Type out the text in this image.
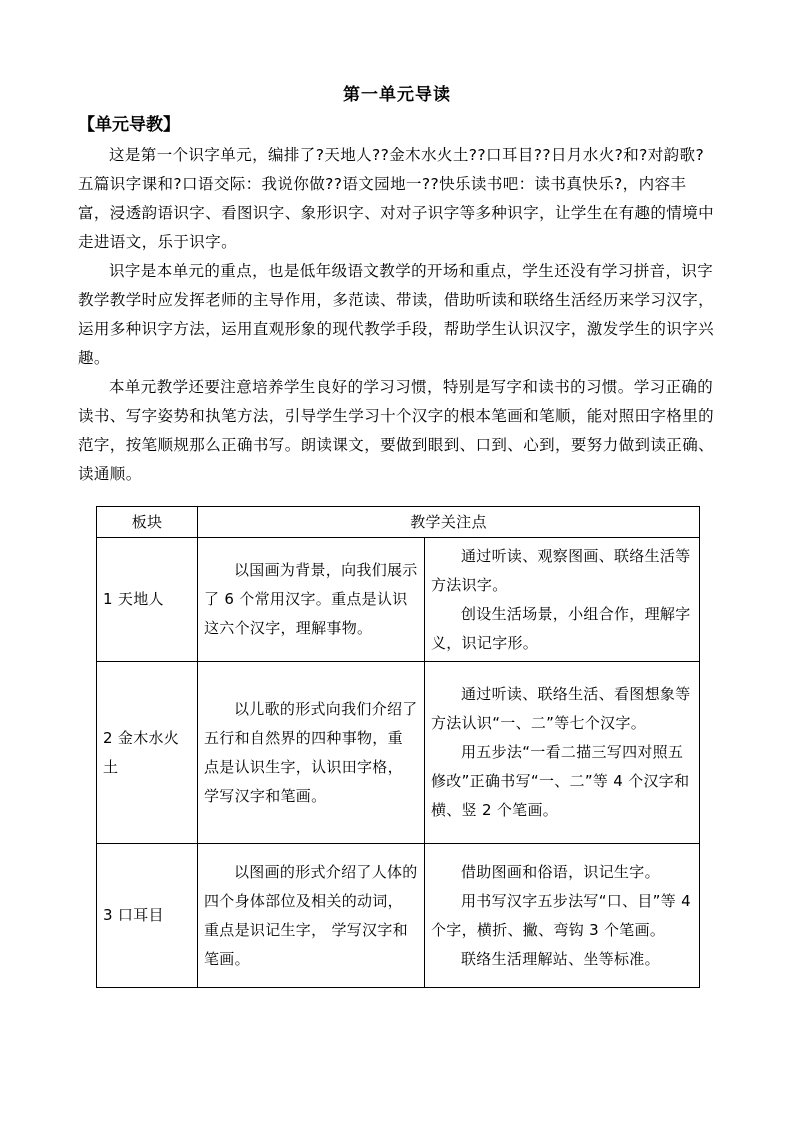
第一单元导读
【单元导教】

这是第一个识字单元，编排了?天地人??金木水火土??口耳目??日月水火?和?对韵歌?五篇识字课和?口语交际：我说你做??语文园地一??快乐读书吧：读书真快乐?，内容丰富，浸透韵语识字、看图识字、象形识字、对对子识字等多种识字，让学生在有趣的情境中走进语文，乐于识字。

识字是本单元的重点，也是低年级语文教学的开场和重点，学生还没有学习拼音，识字教学教学时应发挥老师的主导作用，多范读、带读，借助听读和联络生活经历来学习汉字，运用多种识字方法，运用直观形象的现代教学手段，帮助学生认识汉字，激发学生的识字兴趣。

本单元教学还要注意培养学生良好的学习习惯，特别是写字和读书的习惯。学习正确的读书、写字姿势和执笔方法，引导学生学习十个汉字的根本笔画和笔顺，能对照田字格里的范字，按笔顺规那么正确书写。朗读课文，要做到眼到、口到、心到，要努力做到读正确、读通顺。

板块	教学关注点	
1 天地人	以国画为背景，向我们展示了 6 个常用汉字。重点是认识这六个汉字，理解事物。	通过听读、观察图画、联络生活等方法识字。

创设生活场景，小组合作，理解字义，识记字形。

2 金木水火土	以儿歌的形式向我们介绍了五行和自然界的四种事物，重点是认识生字，认识田字格，学写汉字和笔画。	通过听读、联络生活、看图想象等方法认识“一、二”等七个汉字。

用五步法“一看二描三写四对照五修改”正确书写“一、二”等 4 个汉字和横、竖 2 个笔画。

3 口耳目	以图画的形式介绍了人体的四个身体部位及相关的动词，重点是识记生字， 学写汉字和笔画。	借助图画和俗语，识记生字。

用书写汉字五步法写“口、目”等 4 个字，横折、撇、弯钩 3 个笔画。

联络生活理解站、坐等标准。
